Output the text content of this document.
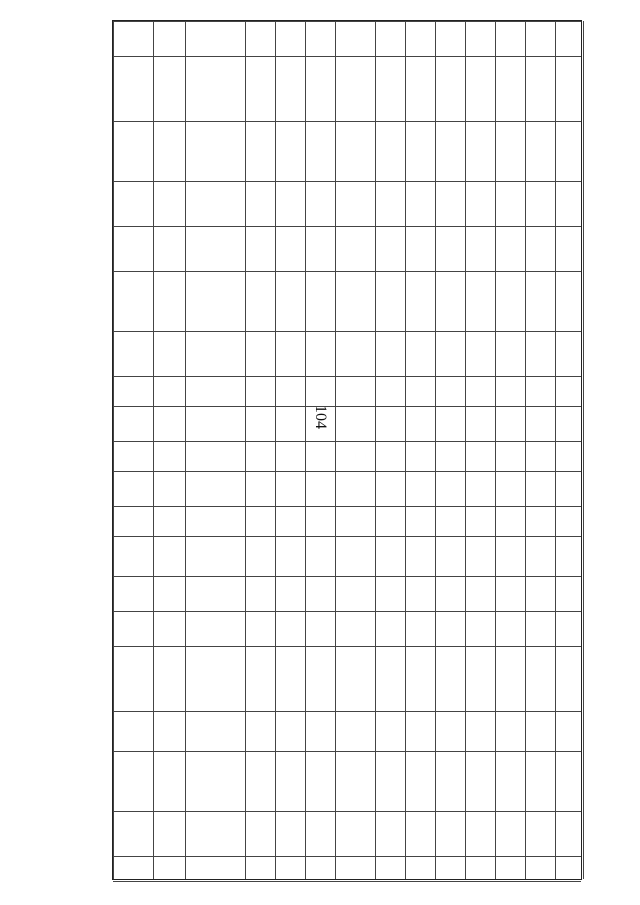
104
